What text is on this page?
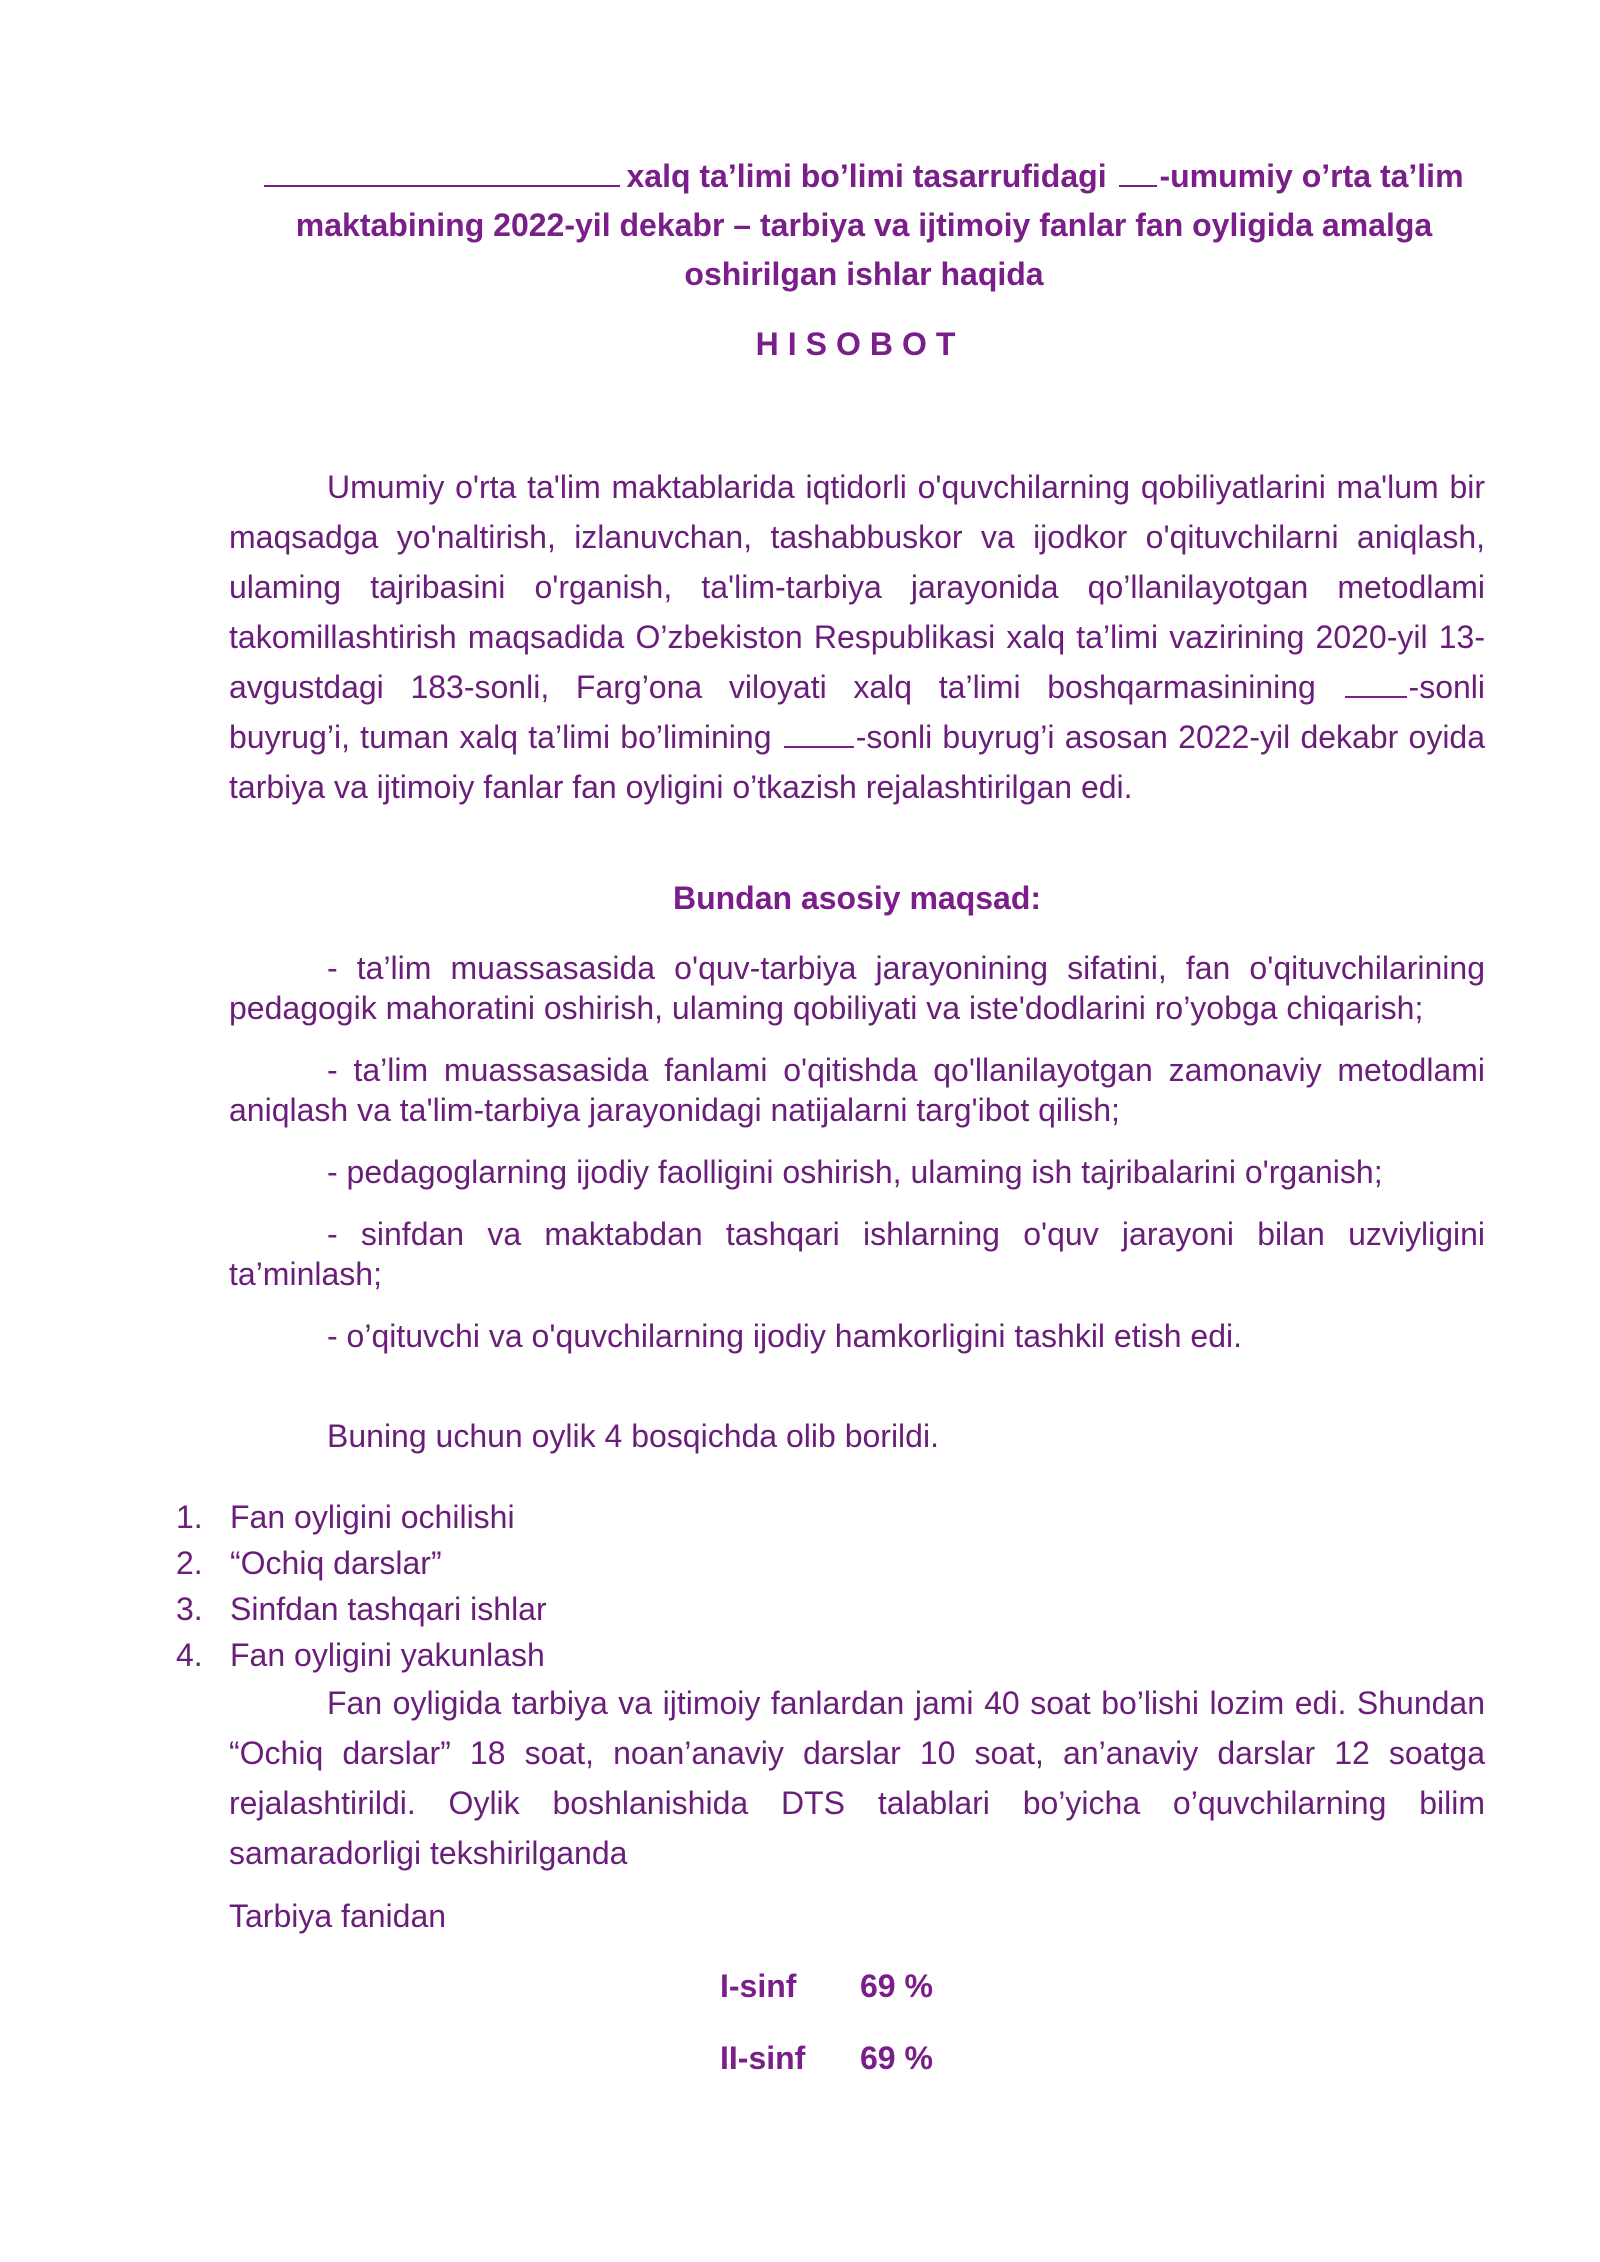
xalq ta’limi bo’limi tasarrufidagi -umumiy o’rta ta’lim
maktabining 2022-yil dekabr – tarbiya va ijtimoiy fanlar fan oyligida amalga
oshirilgan ishlar haqida
HISOBOT
Umumiy o'rta ta'lim maktablarida iqtidorli o'quvchilarning qobiliyatlarini ma'lum bir maqsadga yo'naltirish, izlanuvchan, tashabbuskor va ijodkor o'qituvchilarni aniqlash, ulaming tajribasini o'rganish, ta'lim-tarbiya jarayonida qo’llanilayotgan metodlami takomillashtirish maqsadida O’zbekiston Respublikasi xalq ta’limi vazirining 2020-yil 13-avgustdagi 183-sonli, Farg’ona viloyati xalq ta’limi boshqarmasinining	-sonli buyrug’i, tuman xalq ta’limi bo’limining	-sonli buyrug’i asosan 2022-yil dekabr oyida tarbiya va ijtimoiy fanlar fan oyligini o’tkazish rejalashtirilgan edi.
Bundan asosiy maqsad:

- ta’lim muassasasida o'quv-tarbiya jarayonining sifatini, fan o'qituvchilarining pedagogik mahoratini oshirish, ulaming qobiliyati va iste'dodlarini ro’yobga chiqarish;

- ta’lim muassasasida fanlami o'qitishda qo'llanilayotgan zamonaviy metodlami aniqlash va ta'lim-tarbiya jarayonidagi natijalarni targ'ibot qilish;

- pedagoglarning ijodiy faolligini oshirish, ulaming ish tajribalarini o'rganish;

- sinfdan va maktabdan tashqari ishlarning o'quv jarayoni bilan uzviyligini ta’minlash;

- o’qituvchi va o'quvchilarning ijodiy hamkorligini tashkil etish edi.

Buning uchun oylik 4 bosqichda olib borildi.
1. Fan oyligini ochilishi
2. “Ochiq darslar”
3. Sinfdan tashqari ishlar
4. Fan oyligini yakunlash
Fan oyligida tarbiya va ijtimoiy fanlardan jami 40 soat bo’lishi lozim edi. Shundan “Ochiq darslar” 18 soat, noan’anaviy darslar 10 soat, an’anaviy darslar 12 soatga rejalashtirildi. Oylik boshlanishida DTS talablari bo’yicha o’quvchilarning bilim samaradorligi tekshirilganda
Tarbiya fanidan
I-sinf 69 %
II-sinf 69 %
